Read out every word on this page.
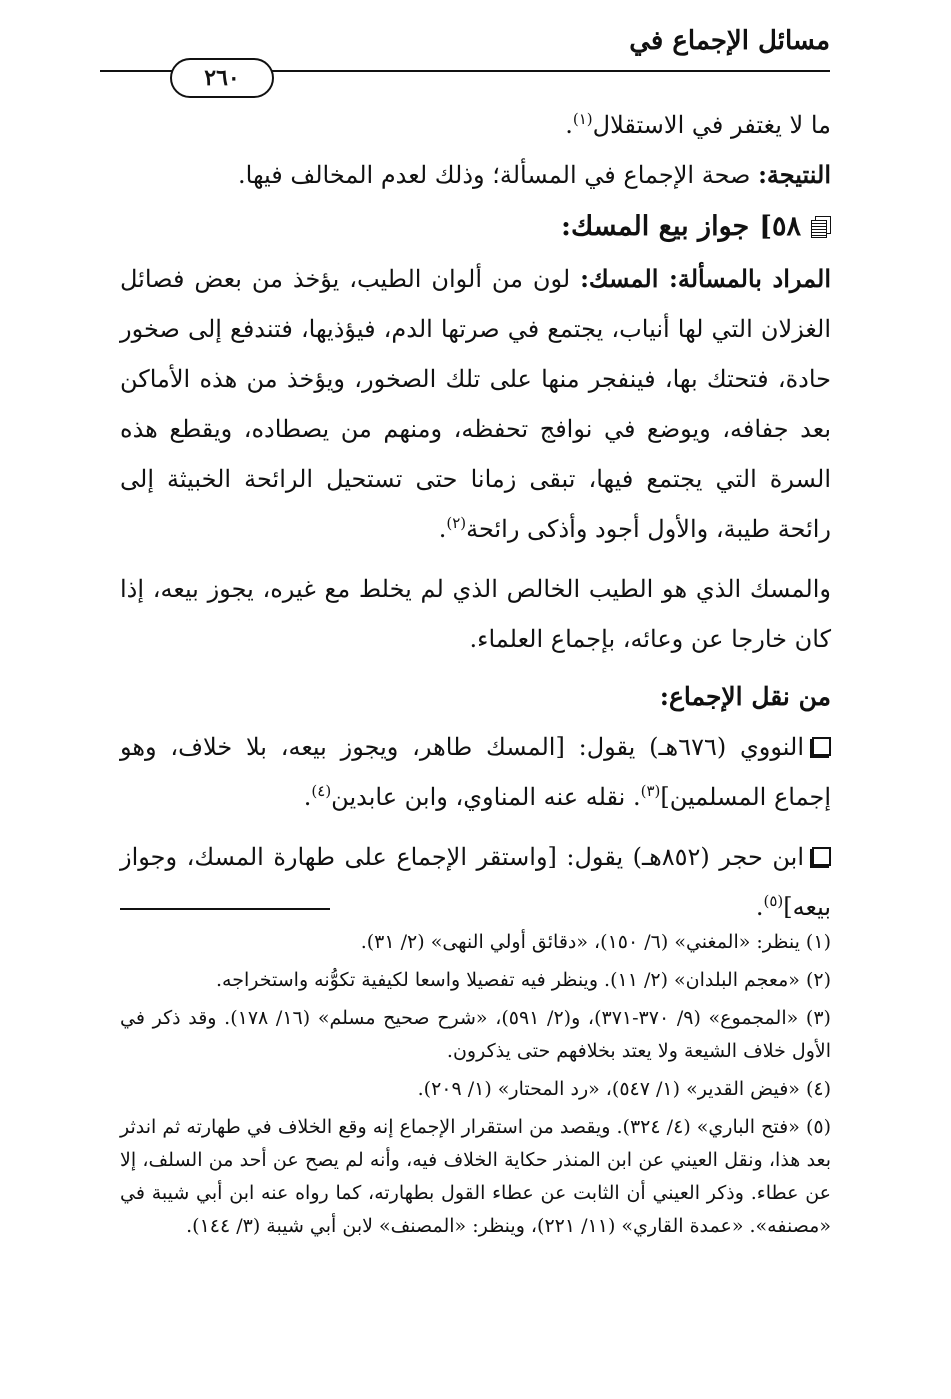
مسائل الإجماع في
٢٦٠

ما لا يغتفر في الاستقلال$^{(١)}$.

النتيجة: صحة الإجماع في المسألة؛ وذلك لعدم المخالف فيها.

٥٨]
جواز بيع المسك:

المراد بالمسألة: المسك: لون من ألوان الطيب، يؤخذ من بعض فصائل الغزلان التي لها أنياب، يجتمع في صرتها الدم، فيؤذيها، فتندفع إلى صخور حادة، فتحتك بها، فينفجر منها على تلك الصخور، ويؤخذ من هذه الأماكن بعد جفافه، ويوضع في نوافج تحفظه، ومنهم من يصطاده، ويقطع هذه السرة التي يجتمع فيها، تبقى زمانا حتى تستحيل الرائحة الخبيثة إلى رائحة طيبة، والأول أجود وأذكى رائحة$^{(٢)}$.

والمسك الذي هو الطيب الخالص الذي لم يخلط مع غيره، يجوز بيعه، إذا كان خارجا عن وعائه، بإجماع العلماء.

من نقل الإجماع:

النووي (٦٧٦هـ) يقول: [المسك طاهر، ويجوز بيعه، بلا خلاف، وهو إجماع المسلمين]$^{(٣)}$. نقله عنه المناوي، وابن عابدين$^{(٤)}$.

ابن حجر (٨٥٢هـ) يقول: [واستقر الإجماع على طهارة المسك، وجواز بيعه]$^{(٥)}$.

(١) ينظر: «المغني» (٦/ ١٥٠)، «دقائق أولي النهى» (٢/ ٣١).

(٢) «معجم البلدان» (٢/ ١١). وينظر فيه تفصيلا واسعا لكيفية تكوُّنه واستخراجه.

(٣) «المجموع» (٩/ ٣٧٠-٣٧١)، و(٢/ ٥٩١)، «شرح صحيح مسلم» (١٦/ ١٧٨). وقد ذكر في الأول خلاف الشيعة ولا يعتد بخلافهم حتى يذكرون.

(٤) «فيض القدير» (١/ ٥٤٧)، «رد المحتار» (١/ ٢٠٩).

(٥) «فتح الباري» (٤/ ٣٢٤). ويقصد من استقرار الإجماع إنه وقع الخلاف في طهارته ثم اندثر بعد هذا، ونقل العيني عن ابن المنذر حكاية الخلاف فيه، وأنه لم يصح عن أحد من السلف، إلا عن عطاء. وذكر العيني أن الثابت عن عطاء القول بطهارته، كما رواه عنه ابن أبي شيبة في «مصنفه». «عمدة القاري» (١١/ ٢٢١)، وينظر: «المصنف» لابن أبي شيبة (٣/ ١٤٤).
